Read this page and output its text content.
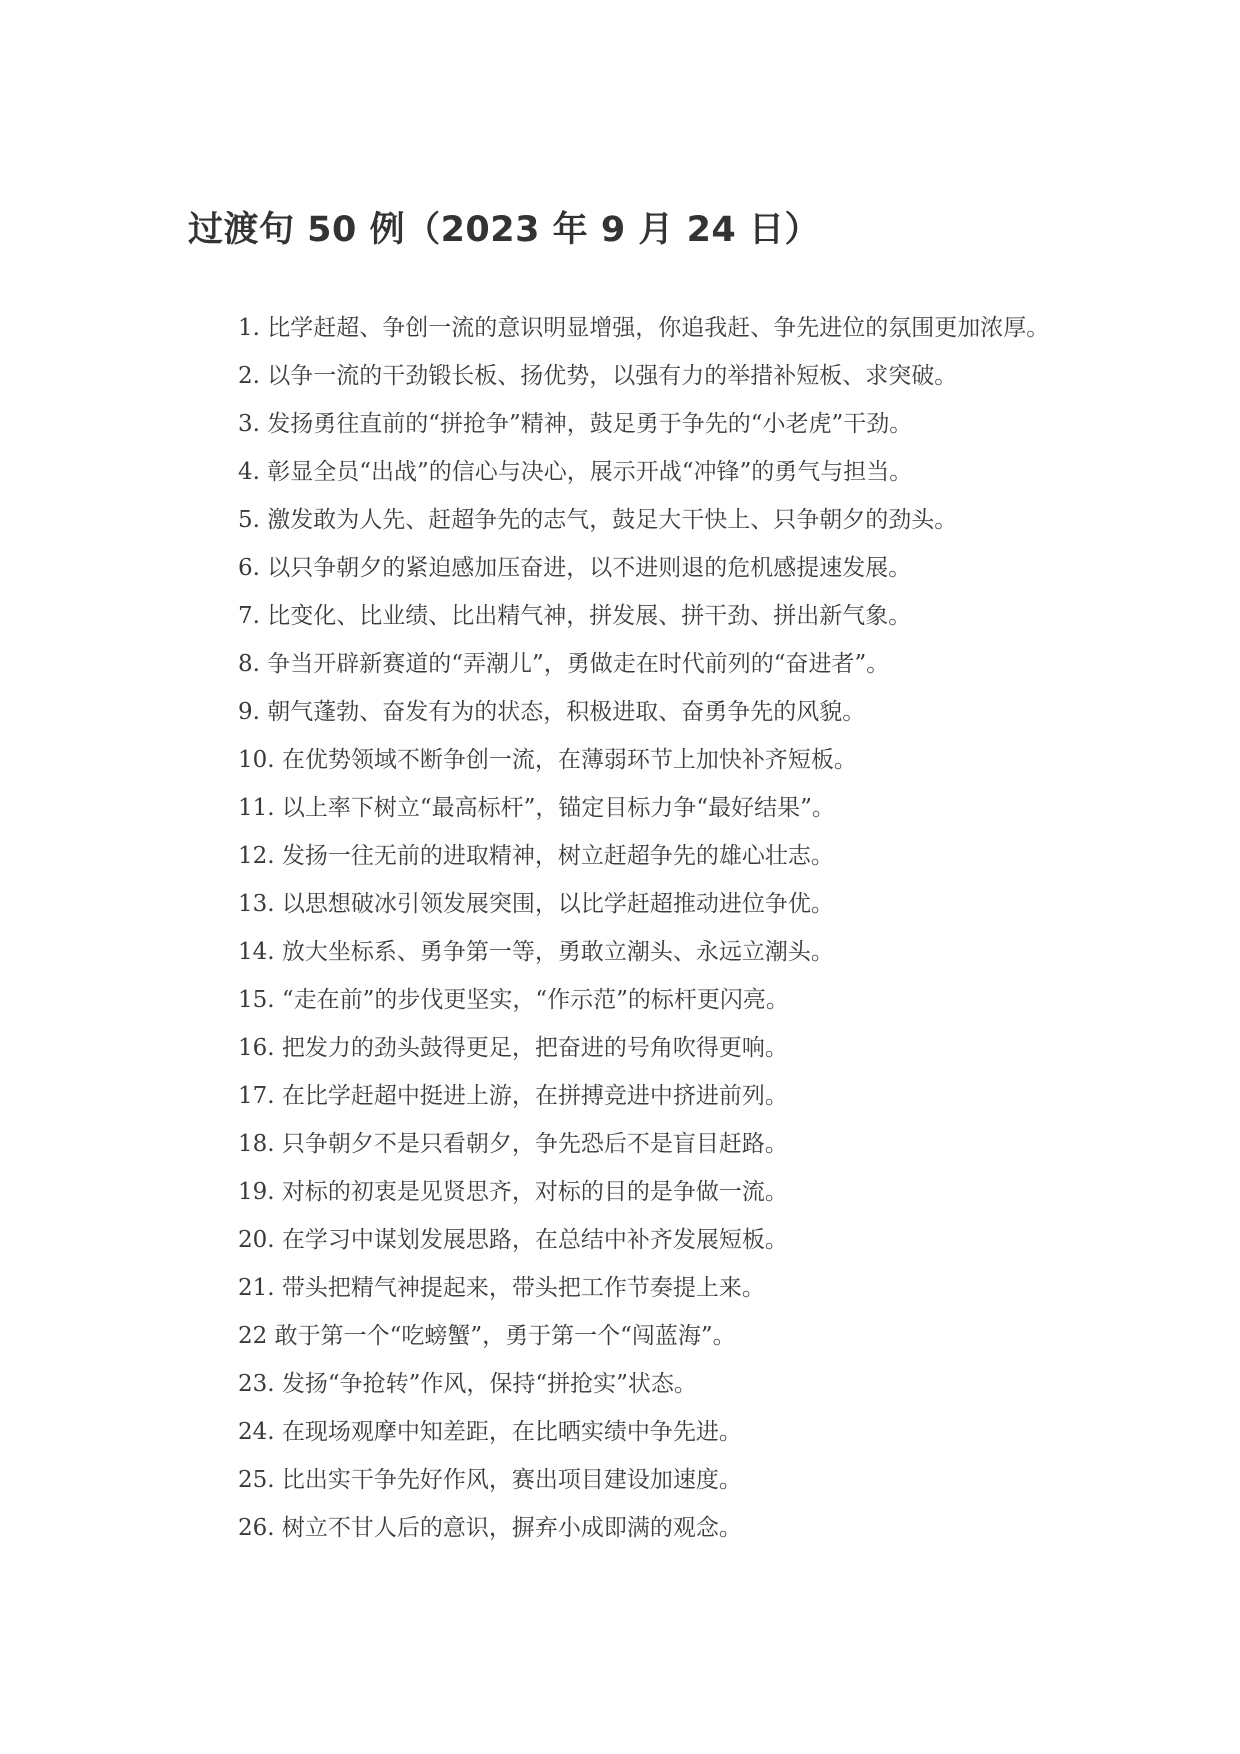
过渡句 50 例（2023 年 9 月 24 日）

1. 比学赶超、争创一流的意识明显增强，你追我赶、争先进位的氛围更加浓厚。

2. 以争一流的干劲锻长板、扬优势，以强有力的举措补短板、求突破。

3. 发扬勇往直前的“拼抢争”精神，鼓足勇于争先的“小老虎”干劲。

4. 彰显全员“出战”的信心与决心，展示开战“冲锋”的勇气与担当。

5. 激发敢为人先、赶超争先的志气，鼓足大干快上、只争朝夕的劲头。

6. 以只争朝夕的紧迫感加压奋进，以不进则退的危机感提速发展。

7. 比变化、比业绩、比出精气神，拼发展、拼干劲、拼出新气象。

8. 争当开辟新赛道的“弄潮儿”，勇做走在时代前列的“奋进者”。

9. 朝气蓬勃、奋发有为的状态，积极进取、奋勇争先的风貌。

10. 在优势领域不断争创一流，在薄弱环节上加快补齐短板。

11. 以上率下树立“最高标杆”，锚定目标力争“最好结果”。

12. 发扬一往无前的进取精神，树立赶超争先的雄心壮志。

13. 以思想破冰引领发展突围，以比学赶超推动进位争优。

14. 放大坐标系、勇争第一等，勇敢立潮头、永远立潮头。

15. “走在前”的步伐更坚实，“作示范”的标杆更闪亮。

16. 把发力的劲头鼓得更足，把奋进的号角吹得更响。

17. 在比学赶超中挺进上游，在拼搏竞进中挤进前列。

18. 只争朝夕不是只看朝夕，争先恐后不是盲目赶路。

19. 对标的初衷是见贤思齐，对标的目的是争做一流。

20. 在学习中谋划发展思路，在总结中补齐发展短板。

21. 带头把精气神提起来，带头把工作节奏提上来。

22 敢于第一个“吃螃蟹”，勇于第一个“闯蓝海”。

23. 发扬“争抢转”作风，保持“拼抢实”状态。

24. 在现场观摩中知差距，在比晒实绩中争先进。

25. 比出实干争先好作风，赛出项目建设加速度。

26. 树立不甘人后的意识，摒弃小成即满的观念。
